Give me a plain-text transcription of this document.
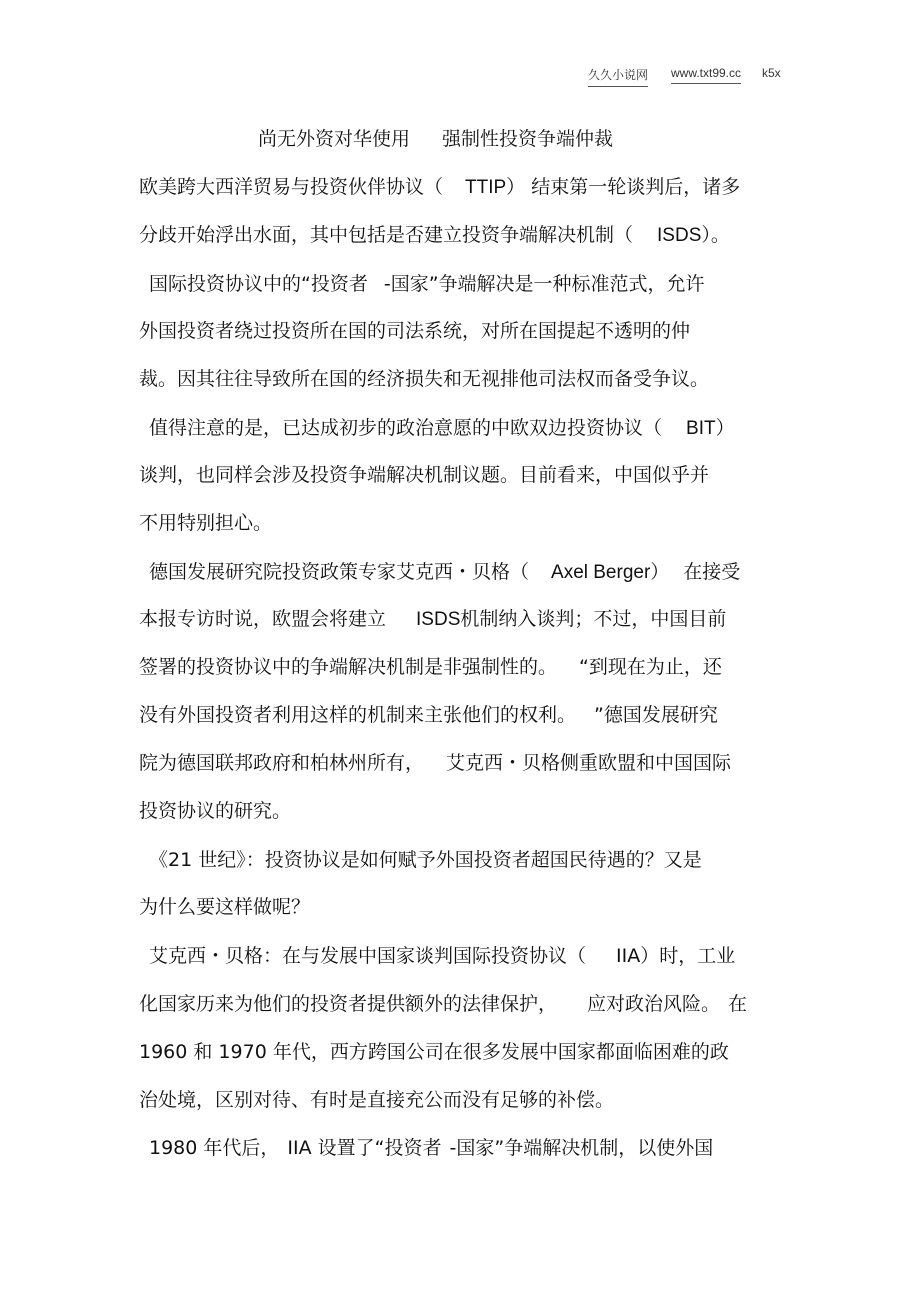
久久小说网 www.txt99.cc k5x
尚无外资对华使用 强制性投资争端仲裁
欧美跨大西洋贸易与投资伙伴协议（ TTIP） 结束第一轮谈判后，诸多
分歧开始浮出水面，其中包括是否建立投资争端解决机制（ ISDS）。
国际投资协议中的“投资者 -国家”争端解决是一种标准范式，允许
外国投资者绕过投资所在国的司法系统，对所在国提起不透明的仲
裁。因其往往导致所在国的经济损失和无视排他司法权而备受争议。
值得注意的是，已达成初步的政治意愿的中欧双边投资协议（ BIT）
谈判，也同样会涉及投资争端解决机制议题。目前看来，中国似乎并
不用特别担心。
德国发展研究院投资政策专家艾克西・贝格（ Axel Berger） 在接受
本报专访时说，欧盟会将建立 ISDS机制纳入谈判；不过，中国目前
签署的投资协议中的争端解决机制是非强制性的。 “到现在为止，还
没有外国投资者利用这样的机制来主张他们的权利。 ”德国发展研究
院为德国联邦政府和柏林州所有， 艾克西・贝格侧重欧盟和中国国际
投资协议的研究。
《21 世纪》：投资协议是如何赋予外国投资者超国民待遇的？又是
为什么要这样做呢？
艾克西・贝格：在与发展中国家谈判国际投资协议（ IIA）时，工业
化国家历来为他们的投资者提供额外的法律保护， 应对政治风险。 在
1960 和 1970 年代，西方跨国公司在很多发展中国家都面临困难的政
治处境，区别对待、有时是直接充公而没有足够的补偿。
1980 年代后， IIA 设置了“投资者 -国家”争端解决机制，以使外国
